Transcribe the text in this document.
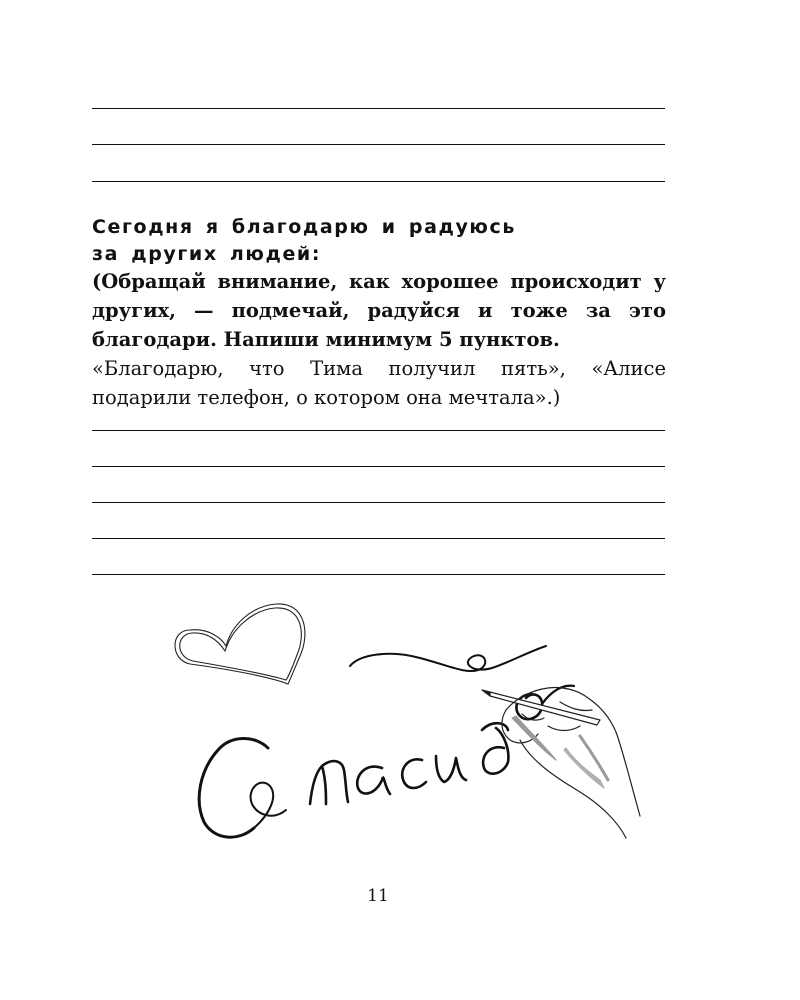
Сегодня я благодарю и радуюсь
за других людей:
(Обращай внимание, как хорошее происходит у других, — подмечай, радуйся и тоже за это благодари. Напиши минимум 5 пунктов.
«Благодарю, что Тима получил пять», «Алисе подарили телефон, о котором она мечтала».)
11
